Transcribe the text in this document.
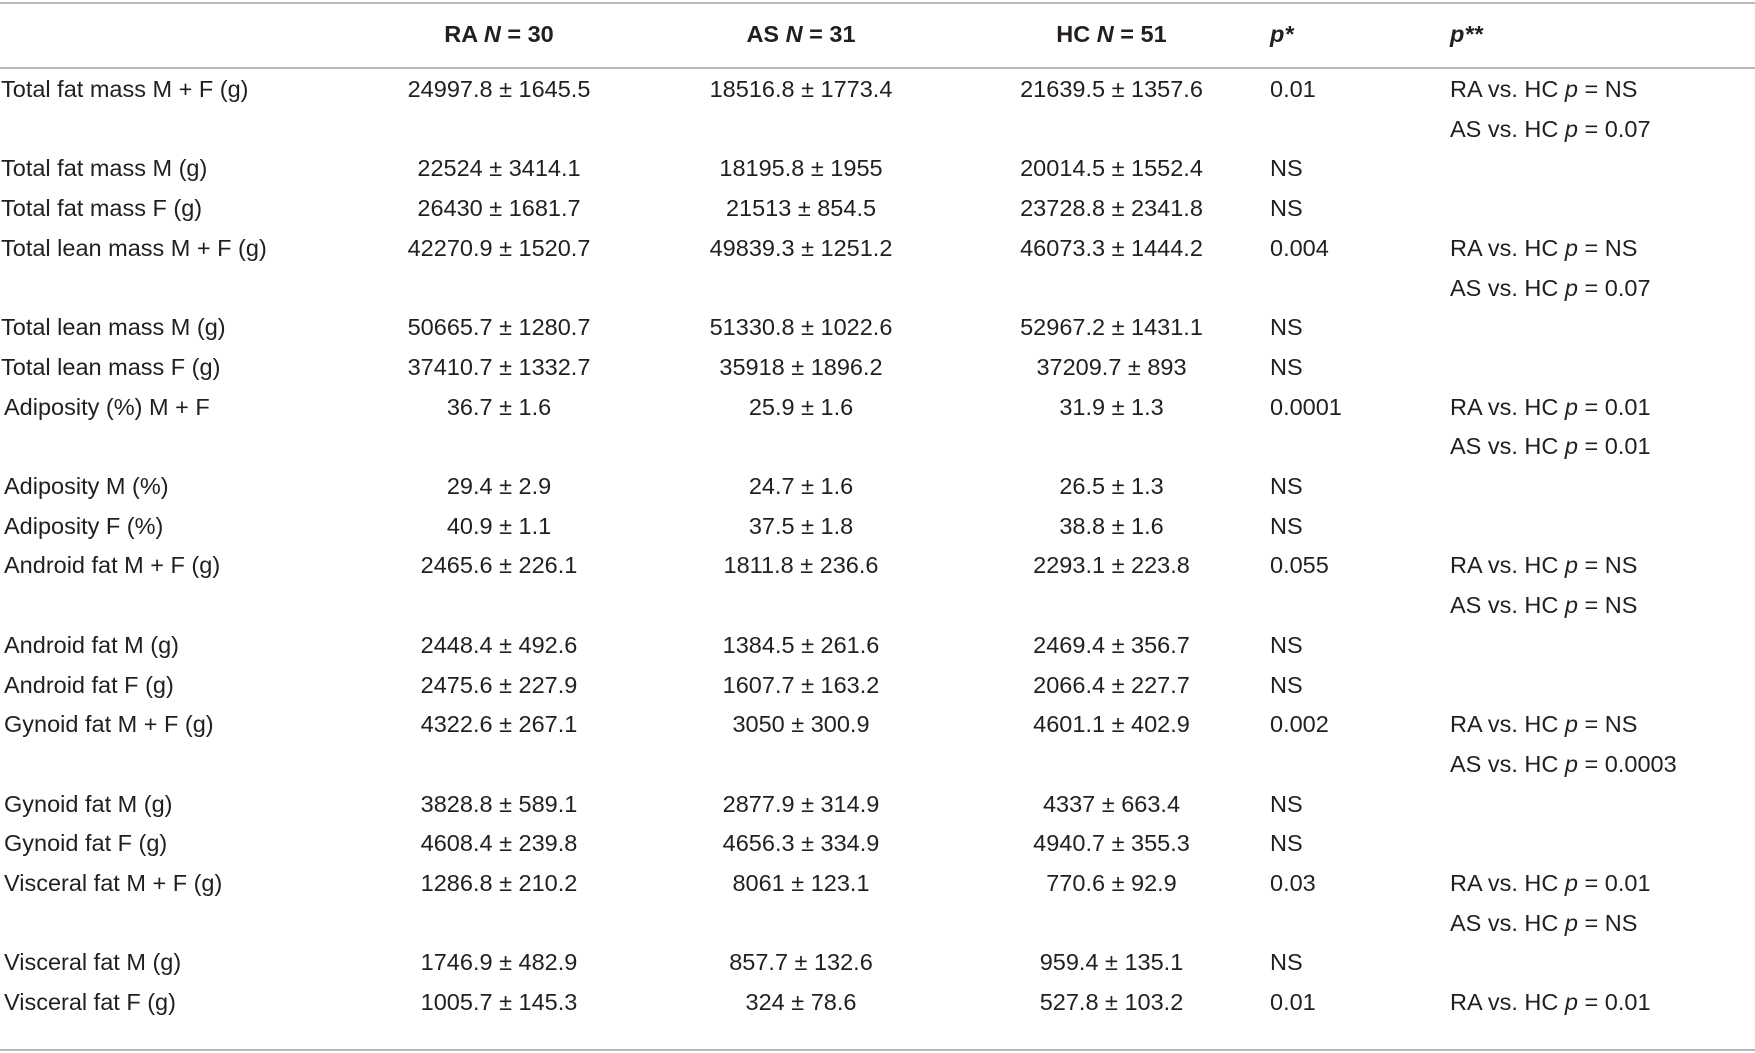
	RA N = 30	AS N = 31	HC N = 51	p*	p**
Total fat mass M + F (g)	24997.8 ± 1645.5	18516.8 ± 1773.4	21639.5 ± 1357.6	0.01	RA vs. HC p = NS
					AS vs. HC p = 0.07
Total fat mass M (g)	22524 ± 3414.1	18195.8 ± 1955	20014.5 ± 1552.4	NS	
Total fat mass F (g)	26430 ± 1681.7	21513 ± 854.5	23728.8 ± 2341.8	NS	
Total lean mass M + F (g)	42270.9 ± 1520.7	49839.3 ± 1251.2	46073.3 ± 1444.2	0.004	RA vs. HC p = NS
					AS vs. HC p = 0.07
Total lean mass M (g)	50665.7 ± 1280.7	51330.8 ± 1022.6	52967.2 ± 1431.1	NS	
Total lean mass F (g)	37410.7 ± 1332.7	35918 ± 1896.2	37209.7 ± 893	NS	
Adiposity (%) M + F	36.7 ± 1.6	25.9 ± 1.6	31.9 ± 1.3	0.0001	RA vs. HC p = 0.01
					AS vs. HC p = 0.01
Adiposity M (%)	29.4 ± 2.9	24.7 ± 1.6	26.5 ± 1.3	NS	
Adiposity F (%)	40.9 ± 1.1	37.5 ± 1.8	38.8 ± 1.6	NS	
Android fat M + F (g)	2465.6 ± 226.1	1811.8 ± 236.6	2293.1 ± 223.8	0.055	RA vs. HC p = NS
					AS vs. HC p = NS
Android fat M (g)	2448.4 ± 492.6	1384.5 ± 261.6	2469.4 ± 356.7	NS	
Android fat F (g)	2475.6 ± 227.9	1607.7 ± 163.2	2066.4 ± 227.7	NS	
Gynoid fat M + F (g)	4322.6 ± 267.1	3050 ± 300.9	4601.1 ± 402.9	0.002	RA vs. HC p = NS
					AS vs. HC p = 0.0003
Gynoid fat M (g)	3828.8 ± 589.1	2877.9 ± 314.9	4337 ± 663.4	NS	
Gynoid fat F (g)	4608.4 ± 239.8	4656.3 ± 334.9	4940.7 ± 355.3	NS	
Visceral fat M + F (g)	1286.8 ± 210.2	8061 ± 123.1	770.6 ± 92.9	0.03	RA vs. HC p = 0.01
					AS vs. HC p = NS
Visceral fat M (g)	1746.9 ± 482.9	857.7 ± 132.6	959.4 ± 135.1	NS	
Visceral fat F (g)	1005.7 ± 145.3	324 ± 78.6	527.8 ± 103.2	0.01	RA vs. HC p = 0.01
